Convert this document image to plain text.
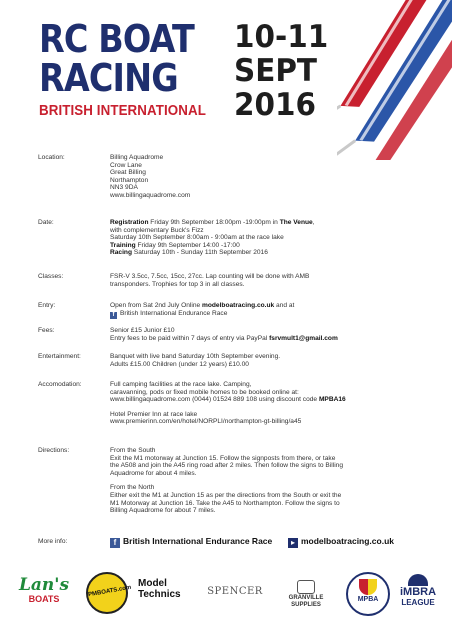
RC BOAT
RACING
BRITISH INTERNATIONAL
10-11
SEPT
2016
Location:	Billing Aquadrome
Crow Lane
Great Billing
Northampton
NN3 9DA
www.billingaquadrome.com
Date:	Registration Friday 9th September 18:00pm -19:00pm in The Venue,
with complementary Buck's Fizz
Saturday 10th September 8:00am - 9:00am at the race lake
Training Friday 9th September 14:00 -17:00
Racing Saturday 10th - Sunday 11th September 2016
Classes:	FSR-V 3.5cc, 7.5cc, 15cc, 27cc. Lap counting will be done with AMB
transponders. Trophies for top 3 in all classes.
Entry:	Open from Sat 2nd July Online modelboatracing.co.uk and at
f British International Endurance Race
Fees:	Senior £15 Junior £10
Entry fees to be paid within 7 days of entry via PayPal fsrvmult1@gmail.com
Entertainment:	Banquet with live band Saturday 10th September evening.
Adults £15.00 Children (under 12 years) £10.00
Accomodation:	Full camping facilities at the race lake. Camping,
caravanning, pods or fixed mobile homes to be booked online at:
www.billingaquadrome.com (0044) 01524 889 108 using discount code MPBA16
Hotel Premier Inn at race lake
www.premierinn.com/en/hotel/NORPLI/northampton-gt-billing/a45
Directions:	From the South
Exit the M1 motorway at Junction 15. Follow the signposts from there, or take
the A508 and join the A45 ring road after 2 miles. Then follow the signs to Billing
Aquadrome for about 4 miles.
From the North
Either exit the M1 at Junction 15 as per the directions from the South or exit the
M1 Motorway at Junction 16. Take the A45 to Northampton. Follow the signs to
Billing Aquadrome for about 7 miles.
More info:	f British International Endurance Race ▸ modelboatracing.co.uk
Lan's
BOATS
PMBOATS.com
Model
Technics	SPENCER
GRANVILLE
SUPPLIES
MPBA
iMBRA
LEAGUE
